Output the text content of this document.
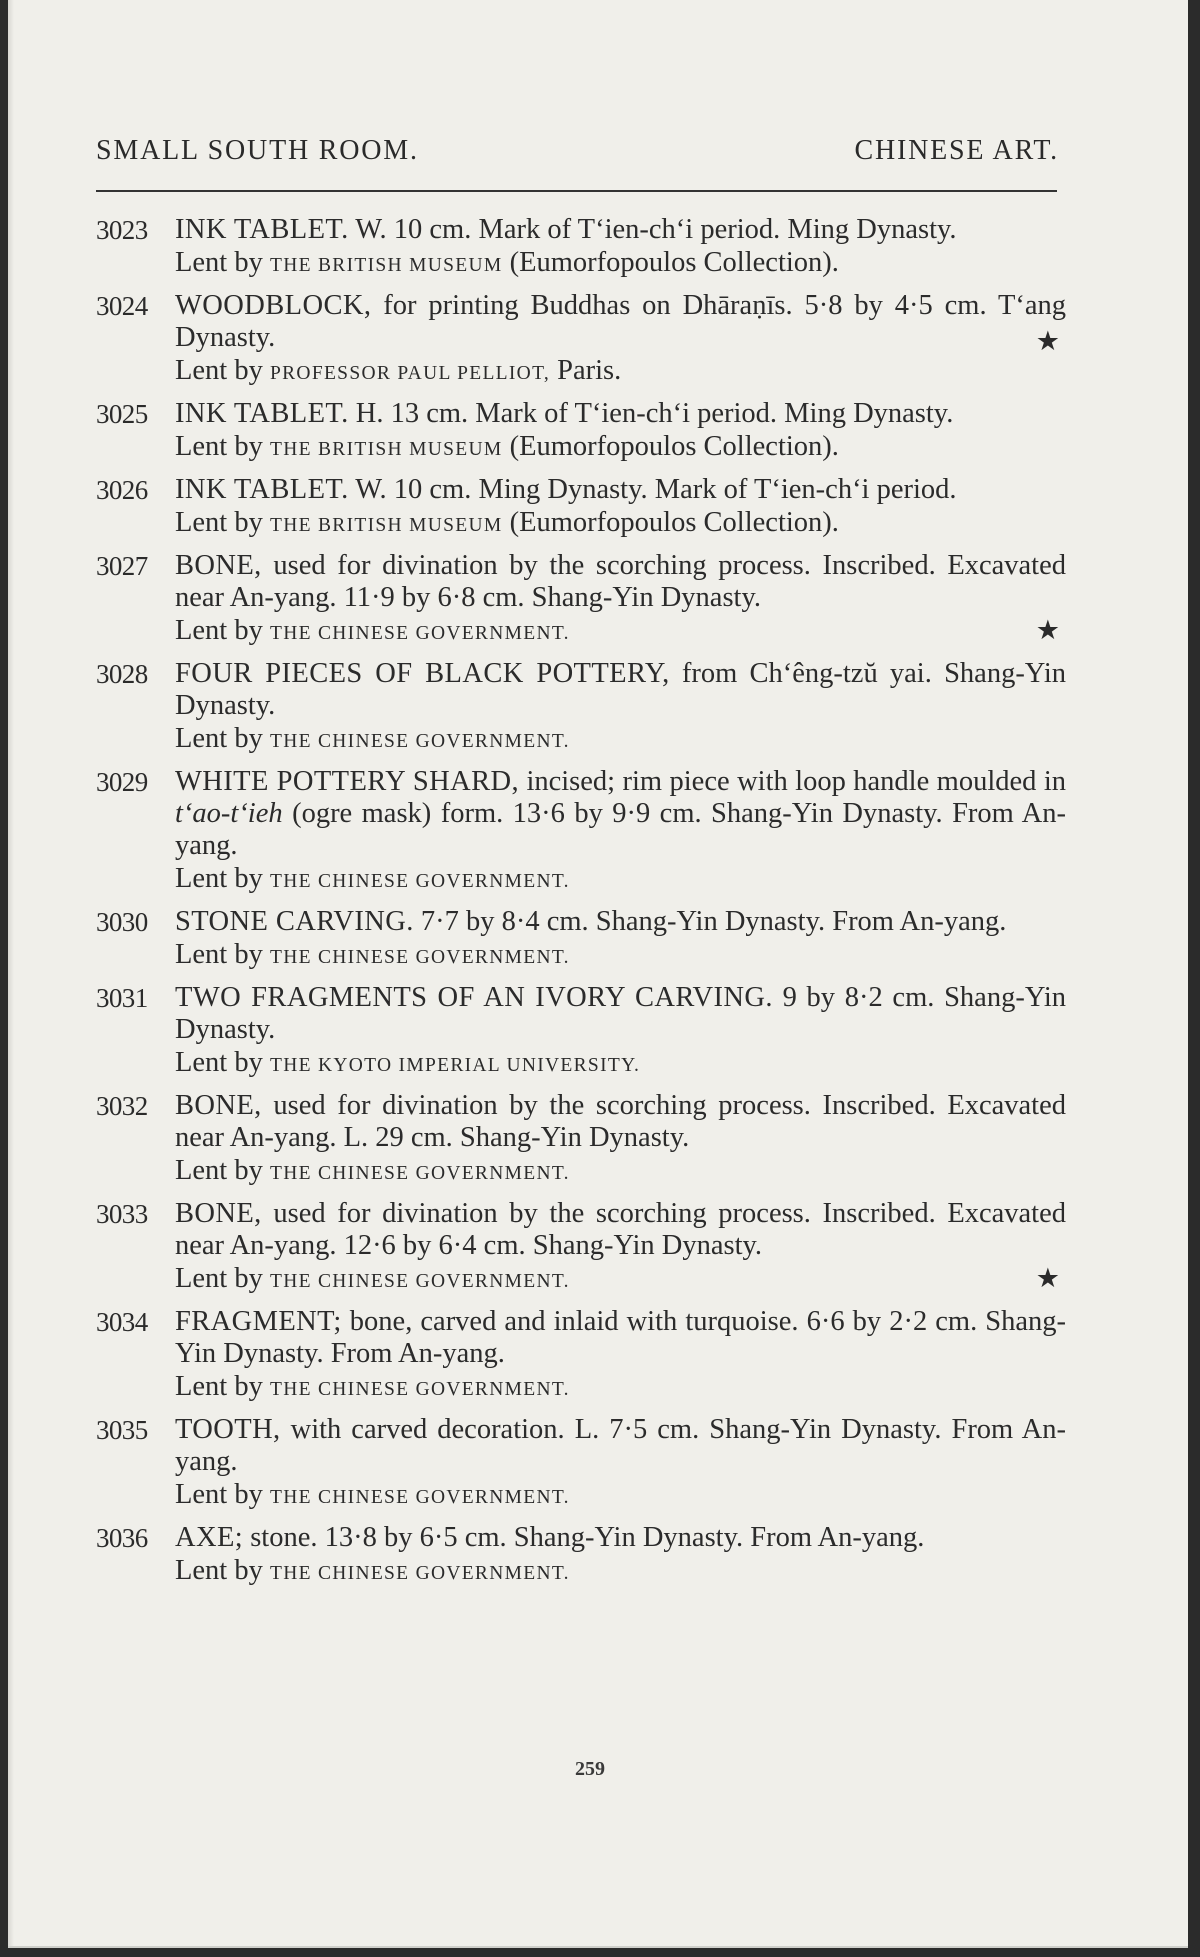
SMALL SOUTH ROOM.	CHINESE ART.
3023 INK TABLET. W. 10 cm. Mark of T‘ien-ch‘i period. Ming Dynasty.
Lent by THE BRITISH MUSEUM (Eumorfopoulos Collection).
3024 WOODBLOCK, for printing Buddhas on Dhāraṇīs. 5·8 by 4·5 cm. T‘ang Dynasty.
Lent by PROFESSOR PAUL PELLIOT, Paris.
★
3025 INK TABLET. H. 13 cm. Mark of T‘ien-ch‘i period. Ming Dynasty.
Lent by THE BRITISH MUSEUM (Eumorfopoulos Collection).
3026 INK TABLET. W. 10 cm. Ming Dynasty. Mark of T‘ien-ch‘i period.
Lent by THE BRITISH MUSEUM (Eumorfopoulos Collection).
3027 BONE, used for divination by the scorching process. Inscribed. Excavated near An-yang. 11·9 by 6·8 cm. Shang-Yin Dynasty.
Lent by THE CHINESE GOVERNMENT.	★
3028 FOUR PIECES OF BLACK POTTERY, from Ch‘êng-tzŭ yai. Shang-Yin Dynasty.
Lent by THE CHINESE GOVERNMENT.
3029 WHITE POTTERY SHARD, incised; rim piece with loop handle moulded in t‘ao-t‘ieh (ogre mask) form. 13·6 by 9·9 cm. Shang-Yin Dynasty. From An-yang.
Lent by THE CHINESE GOVERNMENT.
3030 STONE CARVING. 7·7 by 8·4 cm. Shang-Yin Dynasty. From An-yang.
Lent by THE CHINESE GOVERNMENT.
3031 TWO FRAGMENTS OF AN IVORY CARVING. 9 by 8·2 cm. Shang-Yin Dynasty.
Lent by THE KYOTO IMPERIAL UNIVERSITY.
3032 BONE, used for divination by the scorching process. Inscribed. Excavated near An-yang. L. 29 cm. Shang-Yin Dynasty.
Lent by THE CHINESE GOVERNMENT.
3033 BONE, used for divination by the scorching process. Inscribed. Excavated near An-yang. 12·6 by 6·4 cm. Shang-Yin Dynasty.
Lent by THE CHINESE GOVERNMENT.	★
3034 FRAGMENT; bone, carved and inlaid with turquoise. 6·6 by 2·2 cm. Shang-Yin Dynasty. From An-yang.
Lent by THE CHINESE GOVERNMENT.
3035 TOOTH, with carved decoration. L. 7·5 cm. Shang-Yin Dynasty. From An-yang.
Lent by THE CHINESE GOVERNMENT.
3036 AXE; stone. 13·8 by 6·5 cm. Shang-Yin Dynasty. From An-yang.
Lent by THE CHINESE GOVERNMENT.
259
